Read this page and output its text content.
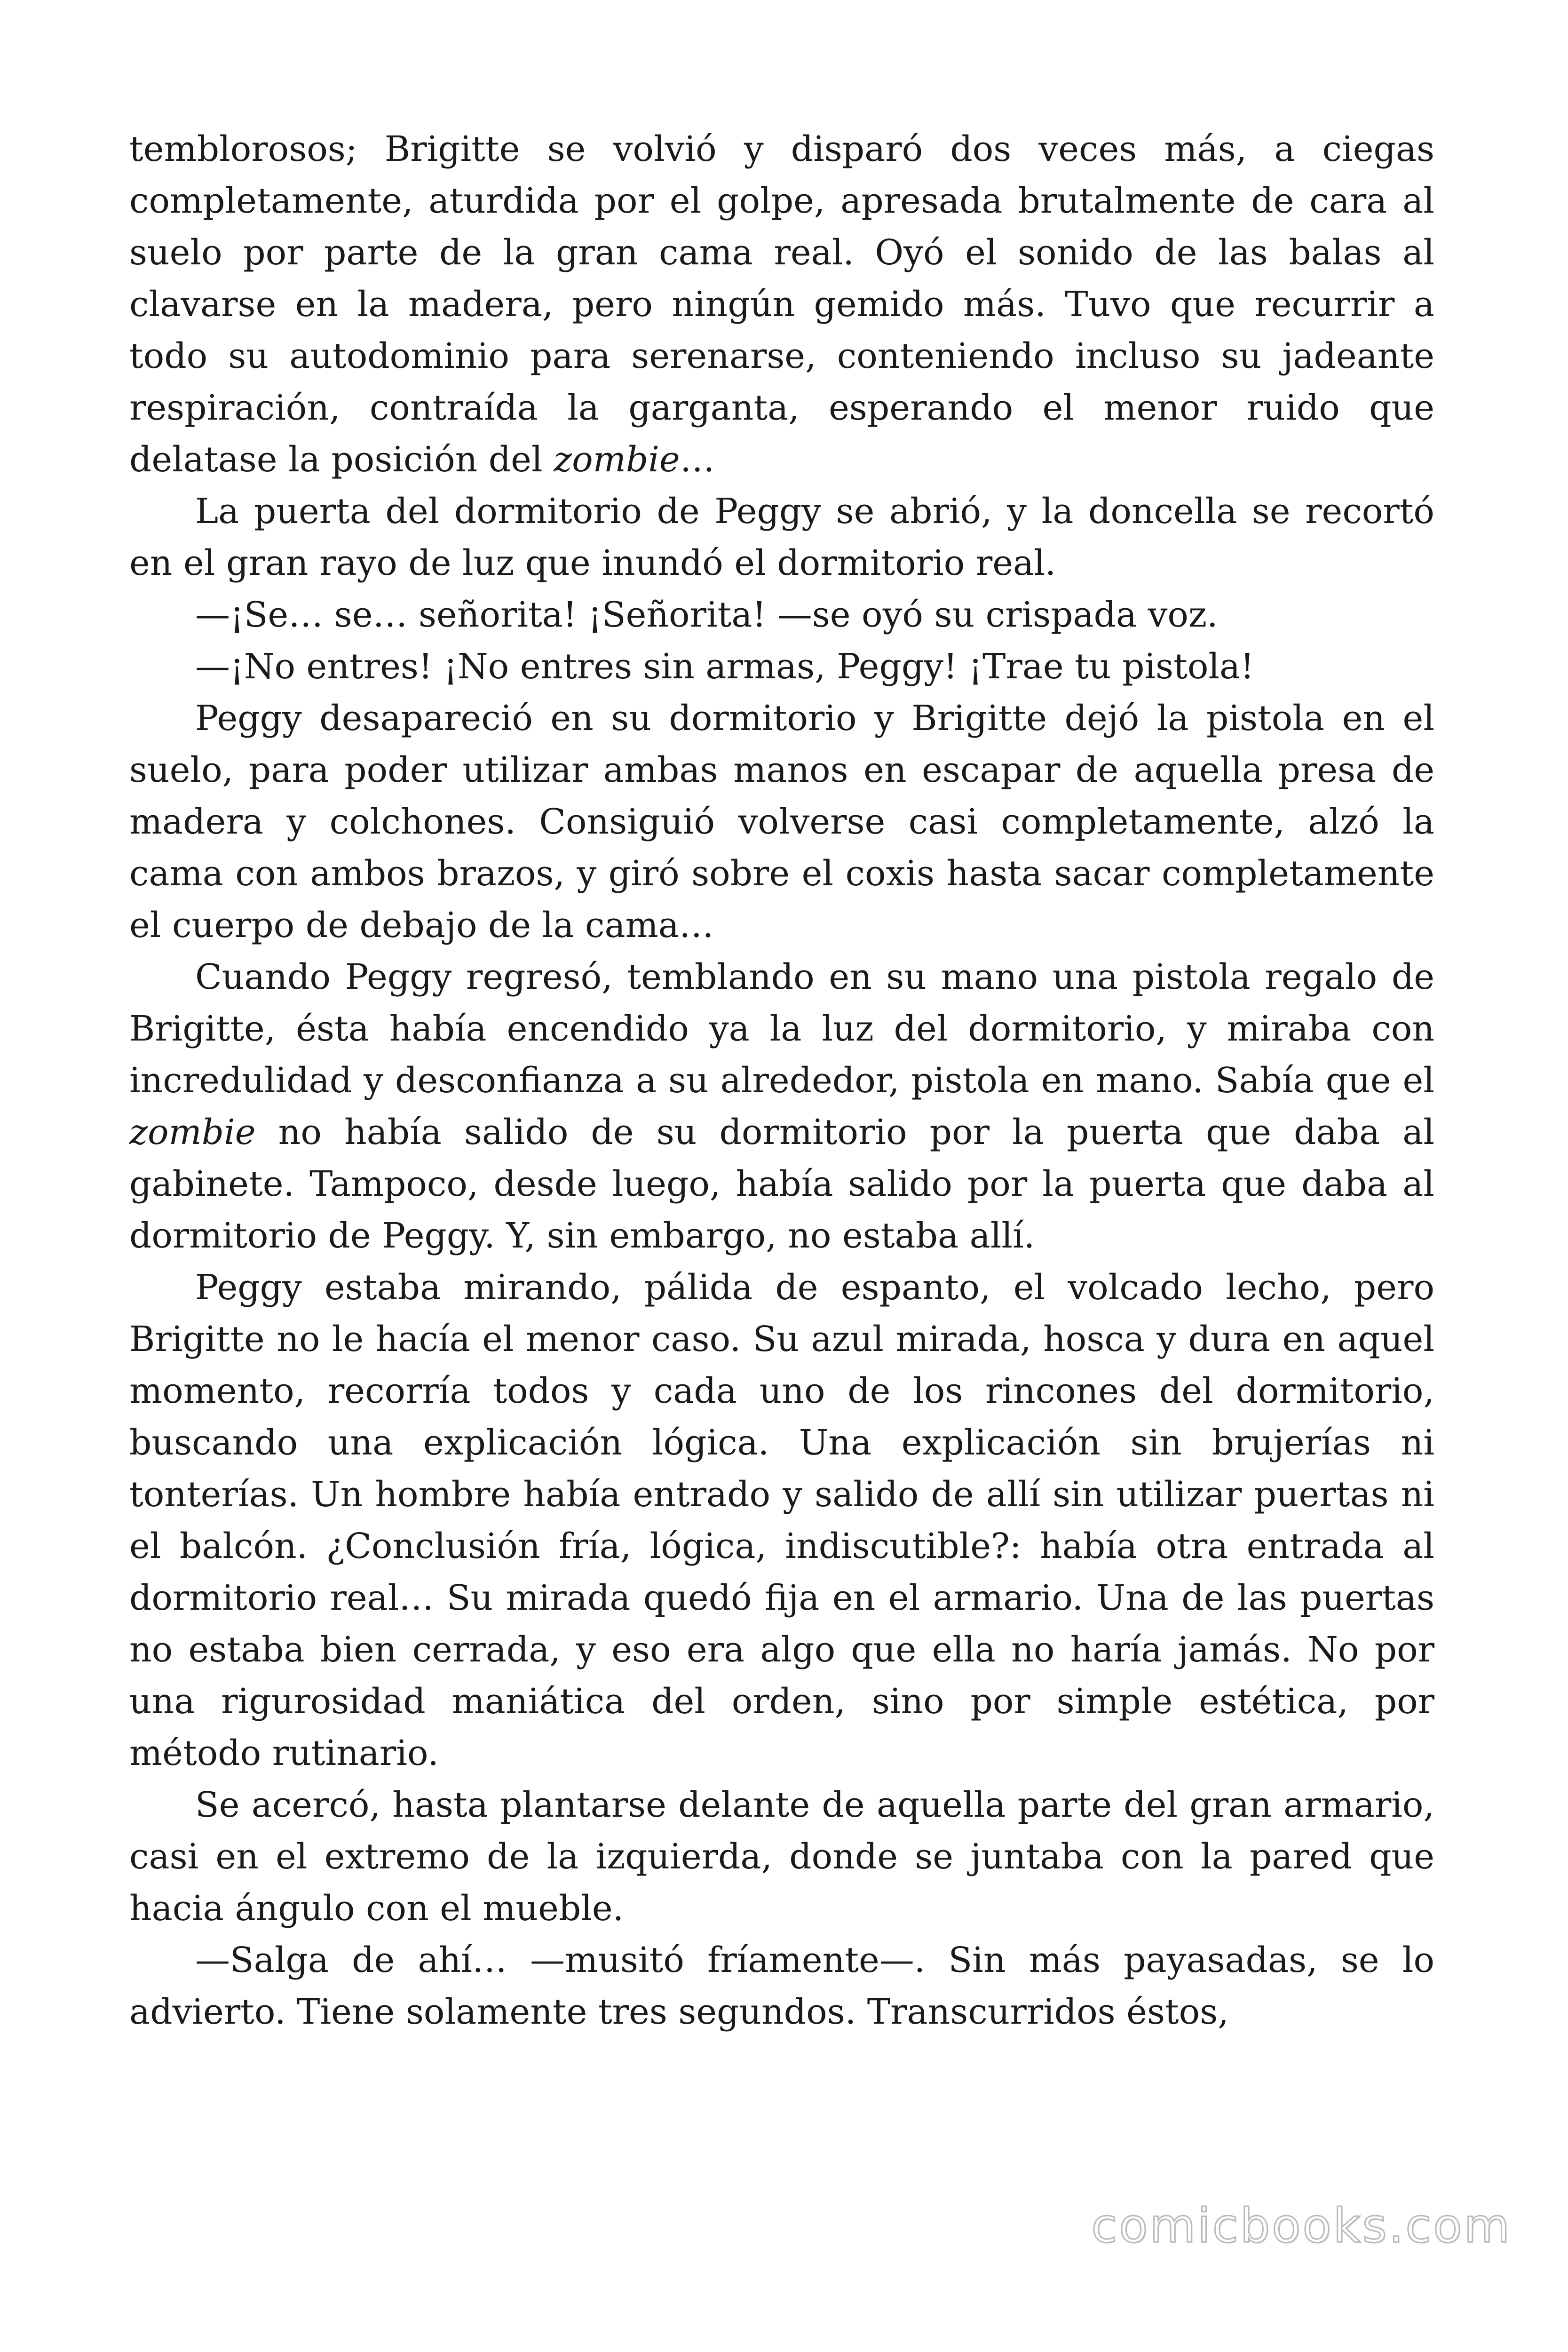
temblorosos; Brigitte se volvió y disparó dos veces más, a ciegas completamente, aturdida por el golpe, apresada brutalmente de cara al suelo por parte de la gran cama real. Oyó el sonido de las balas al clavarse en la madera, pero ningún gemido más. Tuvo que recurrir a todo su autodominio para serenarse, conteniendo incluso su jadeante respiración, contraída la garganta, esperando el menor ruido que delatase la posición del zombie…

La puerta del dormitorio de Peggy se abrió, y la doncella se recortó en el gran rayo de luz que inundó el dormitorio real.

—¡Se… se… señorita! ¡Señorita! —se oyó su crispada voz.

—¡No entres! ¡No entres sin armas, Peggy! ¡Trae tu pistola!

Peggy desapareció en su dormitorio y Brigitte dejó la pistola en el suelo, para poder utilizar ambas manos en escapar de aquella presa de madera y colchones. Consiguió volverse casi completamente, alzó la cama con ambos brazos, y giró sobre el coxis hasta sacar completamente el cuerpo de debajo de la cama…

Cuando Peggy regresó, temblando en su mano una pistola regalo de Brigitte, ésta había encendido ya la luz del dormitorio, y miraba con incredulidad y desconfianza a su alrededor, pistola en mano. Sabía que el zombie no había salido de su dormitorio por la puerta que daba al gabinete. Tampoco, desde luego, había salido por la puerta que daba al dormitorio de Peggy. Y, sin embargo, no estaba allí.

Peggy estaba mirando, pálida de espanto, el volcado lecho, pero Brigitte no le hacía el menor caso. Su azul mirada, hosca y dura en aquel momento, recorría todos y cada uno de los rincones del dormitorio, buscando una explicación lógica. Una explicación sin brujerías ni tonterías. Un hombre había entrado y salido de allí sin utilizar puertas ni el balcón. ¿Conclusión fría, lógica, indiscutible?: había otra entrada al dormitorio real… Su mirada quedó fija en el armario. Una de las puertas no estaba bien cerrada, y eso era algo que ella no haría jamás. No por una rigurosidad maniática del orden, sino por simple estética, por método rutinario.

Se acercó, hasta plantarse delante de aquella parte del gran armario, casi en el extremo de la izquierda, donde se juntaba con la pared que hacia ángulo con el mueble.

—Salga de ahí… —musitó fríamente—. Sin más payasadas, se lo advierto. Tiene solamente tres segundos. Transcurridos éstos,

comicbooks.com
